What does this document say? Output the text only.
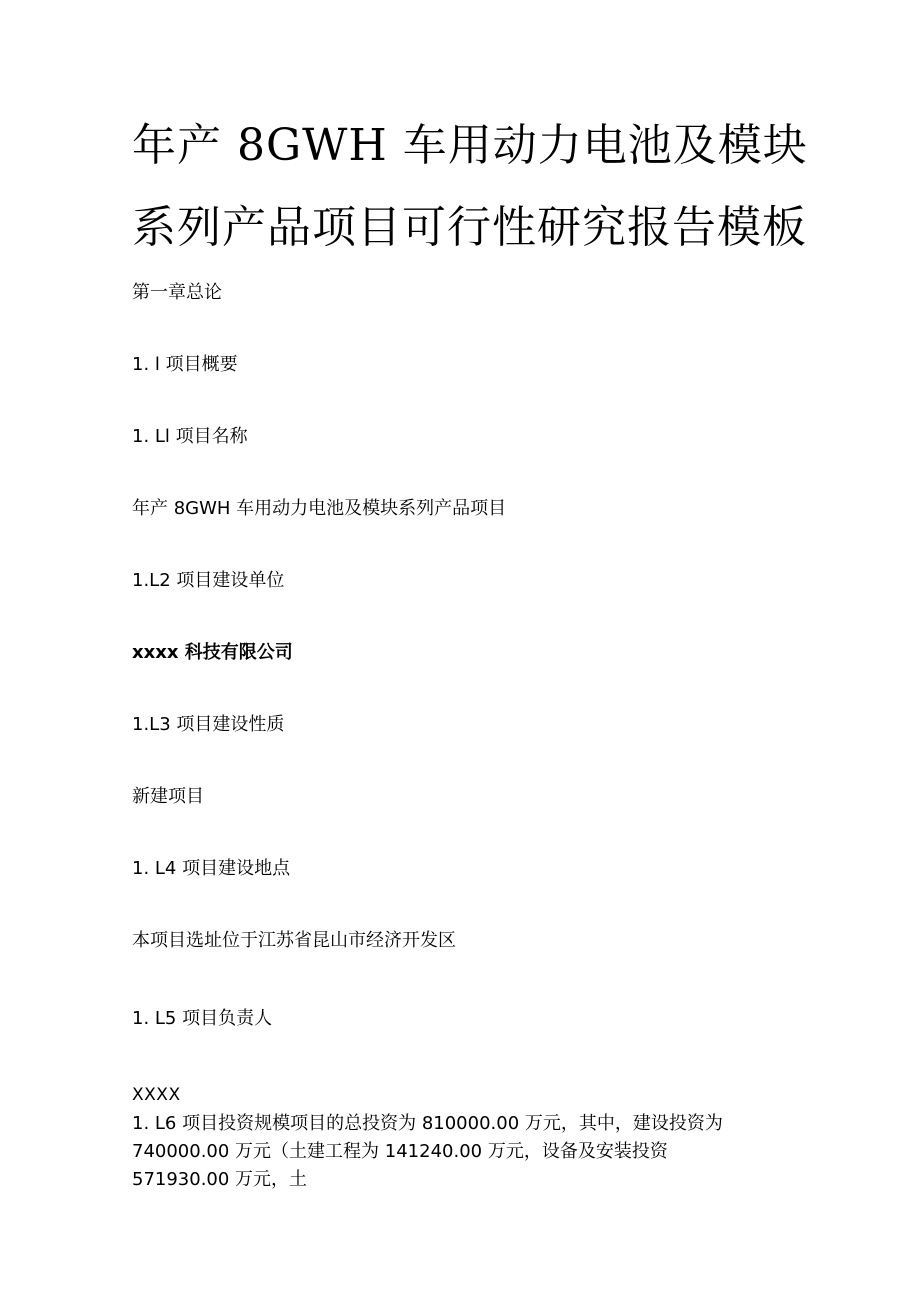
年产 8GWH 车用动力电池及模块
系列产品项目可行性研究报告模板
第一章总论
1. l 项目概要
1. Ll 项目名称
年产 8GWH 车用动力电池及模块系列产品项目
1.L2 项目建设单位
xxxx 科技有限公司
1.L3 项目建设性质
新建项目
1. L4 项目建设地点
本项目选址位于江苏省昆山市经济开发区
1. L5 项目负责人
XXXX
1. L6 项目投资规模项目的总投资为 810000.00 万元，其中，建设投资为
740000.00 万元（土建工程为 141240.00 万元，设备及安装投资
571930.00 万元，土
